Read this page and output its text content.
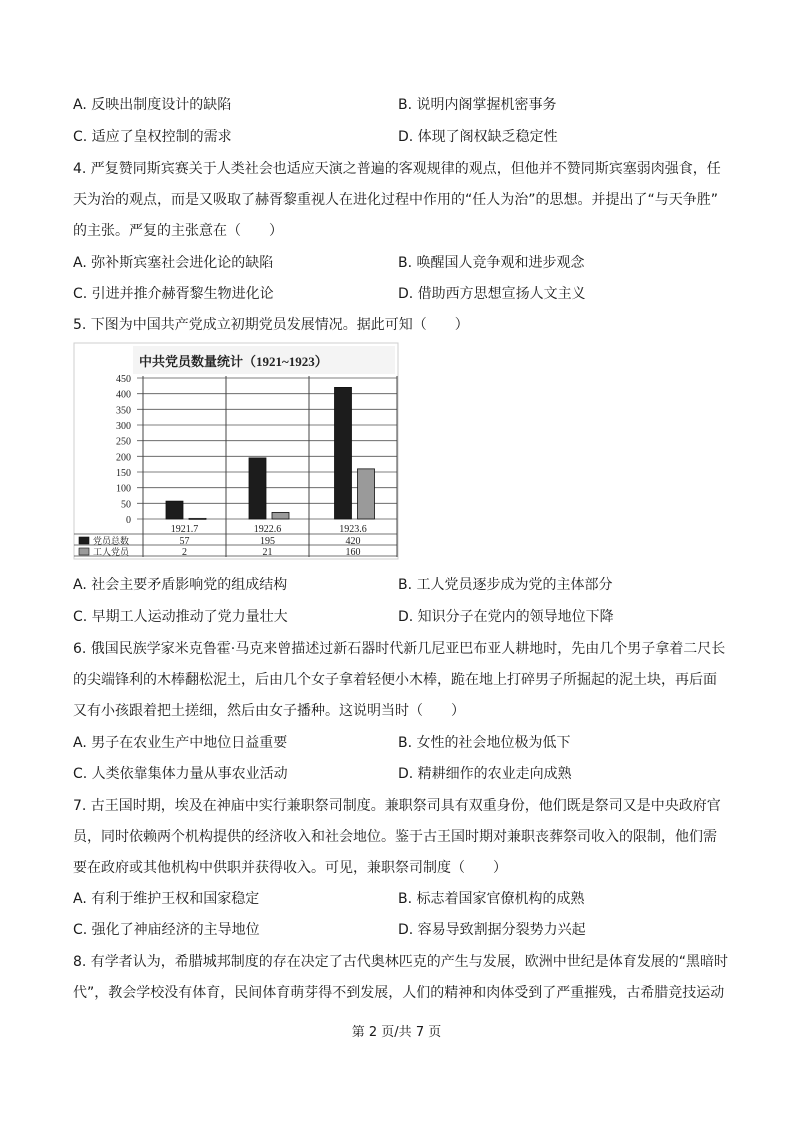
A. 反映出制度设计的缺陷	B. 说明内阁掌握机密事务
C. 适应了皇权控制的需求	D. 体现了阁权缺乏稳定性
4. 严复赞同斯宾赛关于人类社会也适应天演之普遍的客观规律的观点，但他并不赞同斯宾塞弱肉强食，任
天为治的观点，而是又吸取了赫胥黎重视人在进化过程中作用的“任人为治”的思想。并提出了“与天争胜”
的主张。严复的主张意在（　　）
A. 弥补斯宾塞社会进化论的缺陷	B. 唤醒国人竞争观和进步观念
C. 引进并推介赫胥黎生物进化论	D. 借助西方思想宣扬人文主义
5. 下图为中国共产党成立初期党员发展情况。据此可知（　　）
中共党员数量统计（1921~1923）
0
50
100
150
200
250
300
350
400
450
1921.7	1922.6	1923.6
党员总数	57	195	420
工人党员	2	21	160
A. 社会主要矛盾影响党的组成结构	B. 工人党员逐步成为党的主体部分
C. 早期工人运动推动了党力量壮大	D. 知识分子在党内的领导地位下降
6. 俄国民族学家米克鲁霍·马克来曾描述过新石器时代新几尼亚巴布亚人耕地时，先由几个男子拿着二尺长
的尖端锋利的木棒翻松泥土，后由几个女子拿着轻便小木棒，跪在地上打碎男子所掘起的泥土块，再后面
又有小孩跟着把土搓细，然后由女子播种。这说明当时（　　）
A. 男子在农业生产中地位日益重要	B. 女性的社会地位极为低下
C. 人类依靠集体力量从事农业活动	D. 精耕细作的农业走向成熟
7. 古王国时期，埃及在神庙中实行兼职祭司制度。兼职祭司具有双重身份，他们既是祭司又是中央政府官
员，同时依赖两个机构提供的经济收入和社会地位。鉴于古王国时期对兼职丧葬祭司收入的限制，他们需
要在政府或其他机构中供职并获得收入。可见，兼职祭司制度（　　）
A. 有利于维护王权和国家稳定	B. 标志着国家官僚机构的成熟
C. 强化了神庙经济的主导地位	D. 容易导致割据分裂势力兴起
8. 有学者认为，希腊城邦制度的存在决定了古代奥林匹克的产生与发展，欧洲中世纪是体育发展的“黑暗时
代”，教会学校没有体育，民间体育萌芽得不到发展，人们的精神和肉体受到了严重摧残，古希腊竞技运动
第 2 页/共 7 页
